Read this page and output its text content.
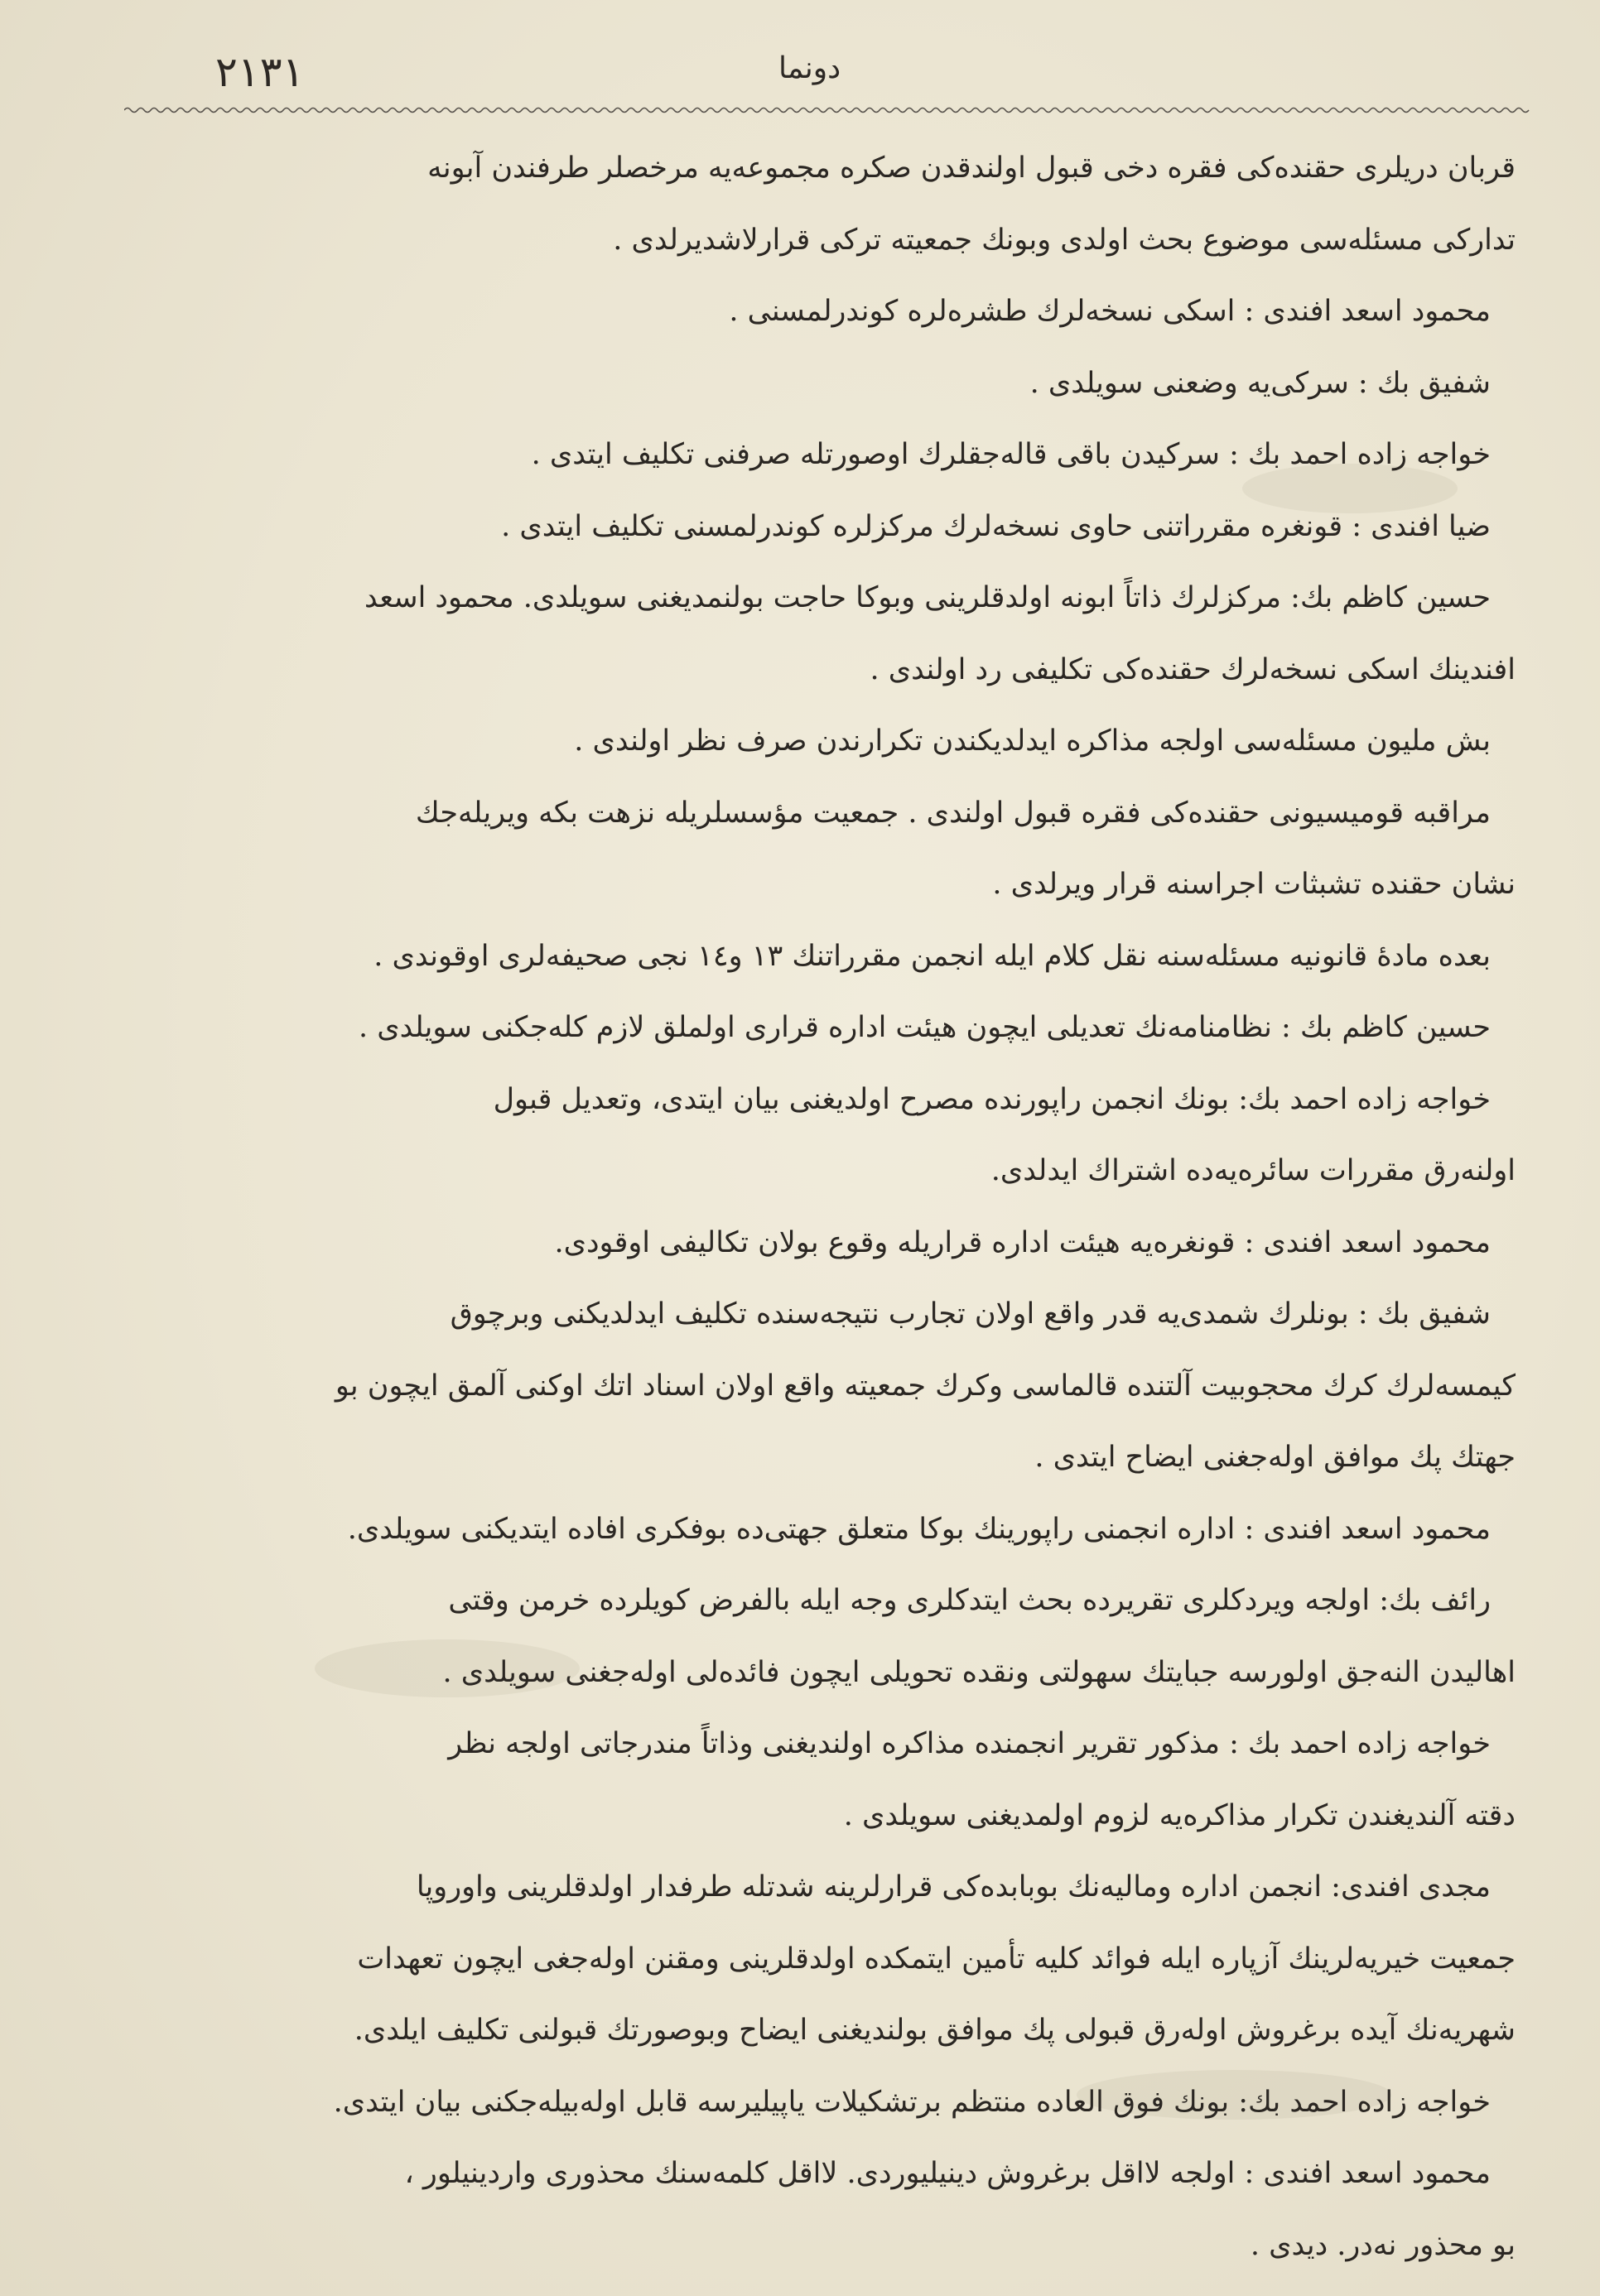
٢١٣١	دونما
قربان دریلری حقنده‌کی فقره دخی قبول اولندقدن صکره مجموعه‌یه مرخصلر طرفندن آبونه
تدارکی مسئله‌سی موضوع بحث اولدی وبونك جمعیته ترکی قرارلاشدیرلدی .
محمود اسعد افندی : اسکی نسخه‌لرك طشره‌لره کوندرلمسنی .
شفیق بك : سرکی‌یه وضعنی سویلدی .
خواجه زاده احمد بك : سرکیدن باقی قاله‌جقلرك اوصورتله صرفنی تکلیف ایتدی .
ضیا افندی : قونغره مقرراتنی حاوی نسخه‌لرك مرکزلره کوندرلمسنی تکلیف ایتدی .
حسین کاظم بك: مرکزلرك ذاتاً ابونه اولدقلرینی وبوکا حاجت بولنمدیغنی سویلدی. محمود اسعد
افندینك اسکی نسخه‌لرك حقنده‌کی تکلیفی رد اولندی .
بش ملیون مسئله‌سی اولجه مذاکره ایدلدیکندن تکرارندن صرف نظر اولندی .
مراقبه قومیسیونی حقنده‌کی فقره قبول اولندی . جمعیت مؤسسلریله نزهت بکه ویریله‌جك
نشان حقنده تشبثات اجراسنه قرار ویرلدی .
بعده مادهٔ قانونیه مسئله‌سنه نقل کلام ایله انجمن مقرراتنك ١٣ و١٤ نجی صحیفه‌لری اوقوندی .
حسین کاظم بك : نظامنامه‌نك تعدیلی ایچون هیئت اداره قراری اولملق لازم کله‌جکنی سویلدی .
خواجه زاده احمد بك: بونك انجمن راپورنده مصرح اولدیغنی بیان ایتدی، وتعدیل قبول
اولنه‌رق مقررات سائره‌یه‌ده اشتراك ایدلدی.
محمود اسعد افندی : قونغره‌یه هیئت اداره قراریله وقوع بولان تکالیفی اوقودی.
شفیق بك : بونلرك شمدی‌یه قدر واقع اولان تجارب نتیجه‌سنده تکلیف ایدلدیکنی وبرچوق
کیمسه‌لرك کرك محجوبیت آلتنده قالماسی وکرك جمعیته واقع اولان اسناد اتك اوکنی آلمق ایچون بو
جهتك پك موافق اوله‌جغنی ایضاح ایتدی .
محمود اسعد افندی : اداره انجمنی راپورینك بوکا متعلق جهتی‌ده بوفکری افاده ایتدیکنی سویلدی.
رائف بك: اولجه ویردکلری تقریرده بحث ایتدکلری وجه ایله بالفرض کویلرده خرمن وقتی
اهالیدن النه‌جق اولورسه جبایتك سهولتی ونقده تحویلی ایچون فائده‌لی اوله‌جغنی سویلدی .
خواجه زاده احمد بك : مذکور تقریر انجمنده مذاکره اولندیغنی وذاتاً مندرجاتی اولجه نظر
دقته آلندیغندن تکرار مذاکره‌یه لزوم اولمدیغنی سویلدی .
مجدی افندی: انجمن اداره ومالیه‌نك بوبابده‌کی قرارلرینه شدتله طرفدار اولدقلرینی واوروپا
جمعیت خیریه‌لرینك آزپاره ایله فوائد کلیه تأمین ایتمکده اولدقلرینی ومقنن اوله‌جغی ایچون تعهدات
شهریه‌نك آیده برغروش اوله‌رق قبولی پك موافق بولندیغنی ایضاح وبوصورتك قبولنی تکلیف ایلدی.
خواجه زاده احمد بك: بونك فوق العاده منتظم برتشکیلات یاپیلیرسه قابل اوله‌بیله‌جکنی بیان ایتدی.
محمود اسعد افندی : اولجه لااقل برغروش دینیلیوردی. لااقل کلمه‌سنك محذوری واردینیلور ،
بو محذور نه‌در. دیدی .
